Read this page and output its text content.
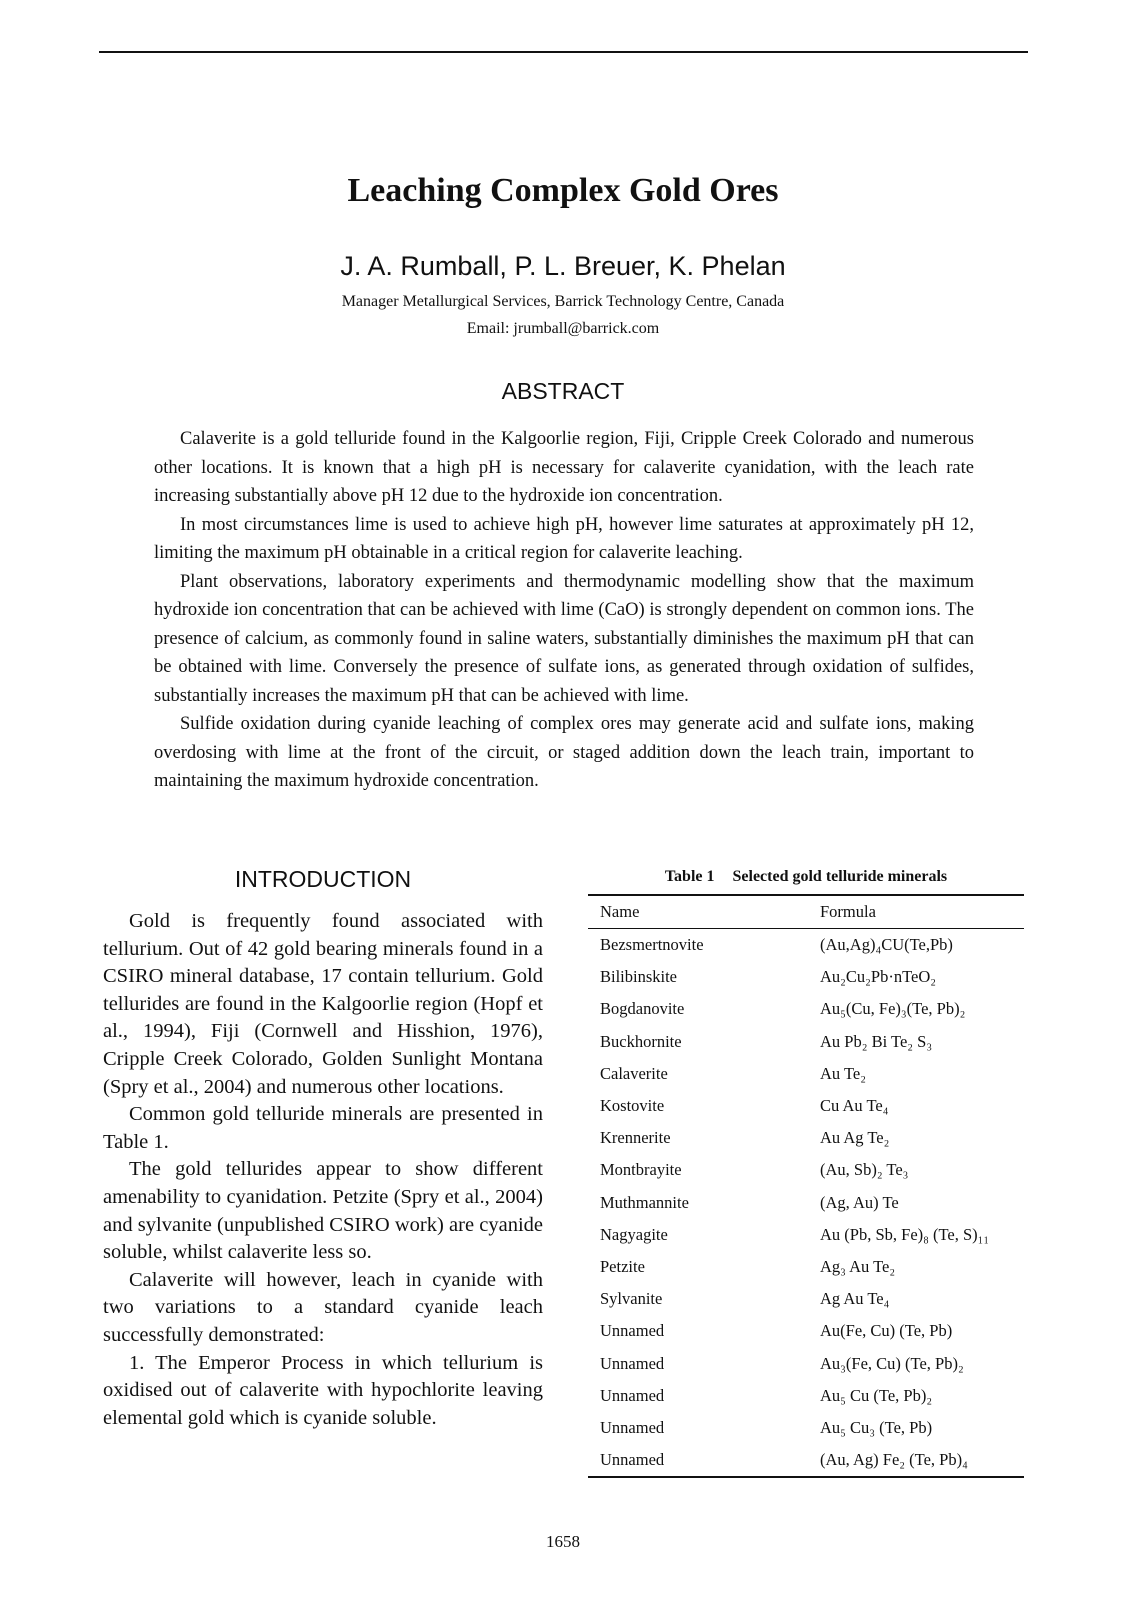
Leaching Complex Gold Ores
J. A. Rumball, P. L. Breuer, K. Phelan
Manager Metallurgical Services, Barrick Technology Centre, Canada
Email: jrumball@barrick.com
ABSTRACT

Calaverite is a gold telluride found in the Kalgoorlie region, Fiji, Cripple Creek Colorado and numerous other locations. It is known that a high pH is necessary for calaverite cyanidation, with the leach rate increasing substantially above pH 12 due to the hydroxide ion concentration.

In most circumstances lime is used to achieve high pH, however lime saturates at approximately pH 12, limiting the maximum pH obtainable in a critical region for calaverite leaching.

Plant observations, laboratory experiments and thermodynamic modelling show that the maximum hydroxide ion concentration that can be achieved with lime (CaO) is strongly dependent on common ions. The presence of calcium, as commonly found in saline waters, substantially diminishes the maximum pH that can be obtained with lime. Conversely the presence of sulfate ions, as generated through oxidation of sulfides, substantially increases the maximum pH that can be achieved with lime.

Sulfide oxidation during cyanide leaching of complex ores may generate acid and sulfate ions, making overdosing with lime at the front of the circuit, or staged addition down the leach train, important to maintaining the maximum hydroxide concentration.

INTRODUCTION

Gold is frequently found associated with tellurium. Out of 42 gold bearing minerals found in a CSIRO mineral database, 17 contain tellurium. Gold tellurides are found in the Kalgoorlie region (Hopf et al., 1994), Fiji (Cornwell and Hisshion, 1976), Cripple Creek Colorado, Golden Sunlight Montana (Spry et al., 2004) and numerous other locations.

Common gold telluride minerals are presented in Table 1.

The gold tellurides appear to show different amenability to cyanidation. Petzite (Spry et al., 2004) and sylvanite (unpublished CSIRO work) are cyanide soluble, whilst calaverite less so.

Calaverite will however, leach in cyanide with two variations to a standard cyanide leach successfully demonstrated:

1. The Emperor Process in which tellurium is oxidised out of calaverite with hypochlorite leaving elemental gold which is cyanide soluble.

Table 1 Selected gold telluride minerals
Name	Formula
Bezsmertnovite	(Au,Ag)₄CU(Te,Pb)
Bilibinskite	Au₂Cu₂Pb·nTeO₂
Bogdanovite	Au₅(Cu, Fe)₃(Te, Pb)₂
Buckhornite	Au Pb₂ Bi Te₂ S₃
Calaverite	Au Te₂
Kostovite	Cu Au Te₄
Krennerite	Au Ag Te₂
Montbrayite	(Au, Sb)₂ Te₃
Muthmannite	(Ag, Au) Te
Nagyagite	Au (Pb, Sb, Fe)₈ (Te, S)₁₁
Petzite	Ag₃ Au Te₂
Sylvanite	Ag Au Te₄
Unnamed	Au(Fe, Cu) (Te, Pb)
Unnamed	Au₃(Fe, Cu) (Te, Pb)₂
Unnamed	Au₅ Cu (Te, Pb)₂
Unnamed	Au₅ Cu₃ (Te, Pb)
Unnamed	(Au, Ag) Fe₂ (Te, Pb)₄
1658
